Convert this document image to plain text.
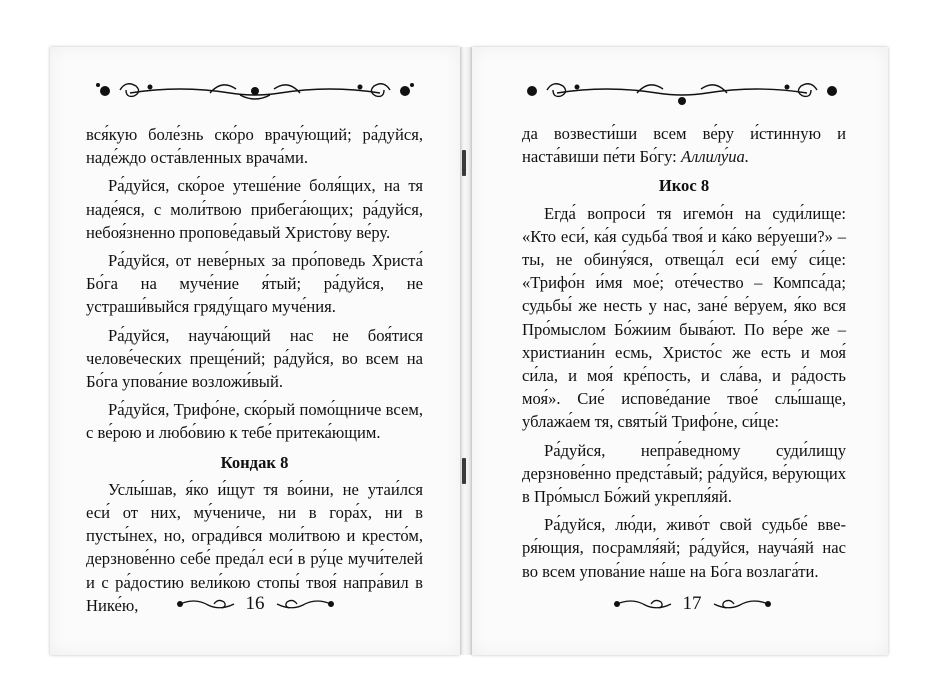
вся́кую боле́знь ско́ро врачу́ющий; ра́дуйся, наде́ждо оста́вленных врача́ми.

Ра́дуйся, ско́рое утеше́ние боля́щих, на тя наде́яся, с моли́твою прибега́ющих; ра́дуйся, небоя́зненно пропове́давый Христо́ву ве́ру.

Ра́дуйся, от неве́рных за про́поведь Христа́ Бо́га на муче́ние я́тый; ра́дуйся, не устраши́выйся гряду́щаго муче́ния.

Ра́дуйся, науча́ющий нас не боя́тися челове́ческих преще́ний; ра́дуйся, во всем на Бо́га упова́ние возложи́вый.

Ра́дуйся, Трифо́не, ско́рый помо́щниче всем, с ве́рою и любо́вию к тебе́ притека́ющим.

Кондак 8

Услы́шав, я́ко и́щут тя во́ини, не утаи́лся еси́ от них, му́чениче, ни в гора́х, ни в пусты́нех, но, огради́вся моли́твою и кресто́м, дерзнове́нно себе́ преда́л еси́ в ру́це мучи́телей и с ра́достию вели́кою стопы́ твоя́ напра́вил в Нике́ю,	16

да возвести́ши всем ве́ру и́стинную и наста́виши пе́ти Бо́гу: Аллилу́иа.

Икос 8

Егда́ вопроси́ тя игемо́н на суди́лище: «Кто еси́, ка́я судьба́ твоя́ и ка́ко ве́руеши?» – ты, не обину́яся, отвеща́л еси́ ему́ си́це: «Трифо́н и́мя мое́; оте́чество – Компса́да; судьбы́ же несть у нас, зане́ ве́руем, я́ко вся Про́мыслом Бо́жиим быва́ют. По ве́ре же – христиани́н есмь, Христо́с же есть и моя́ си́ла, и моя́ кре́пость, и сла́ва, и ра́дость моя́». Сие́ испове́дание твое́ слы́шаще, ублажа́ем тя, святы́й Трифо́не, си́це:

Ра́дуйся, непра́ведному суди́лищу дерзнове́нно предста́вый; ра́дуйся, ве́рующих в Про́мысл Бо́жий укрепля́яй.

Ра́дуйся, лю́ди, живо́т свой судьбе́ вверя́ющия, посрамля́яй; ра́дуйся, науча́яй нас во всем упова́ние на́ше на Бо́га возлага́ти.

17
